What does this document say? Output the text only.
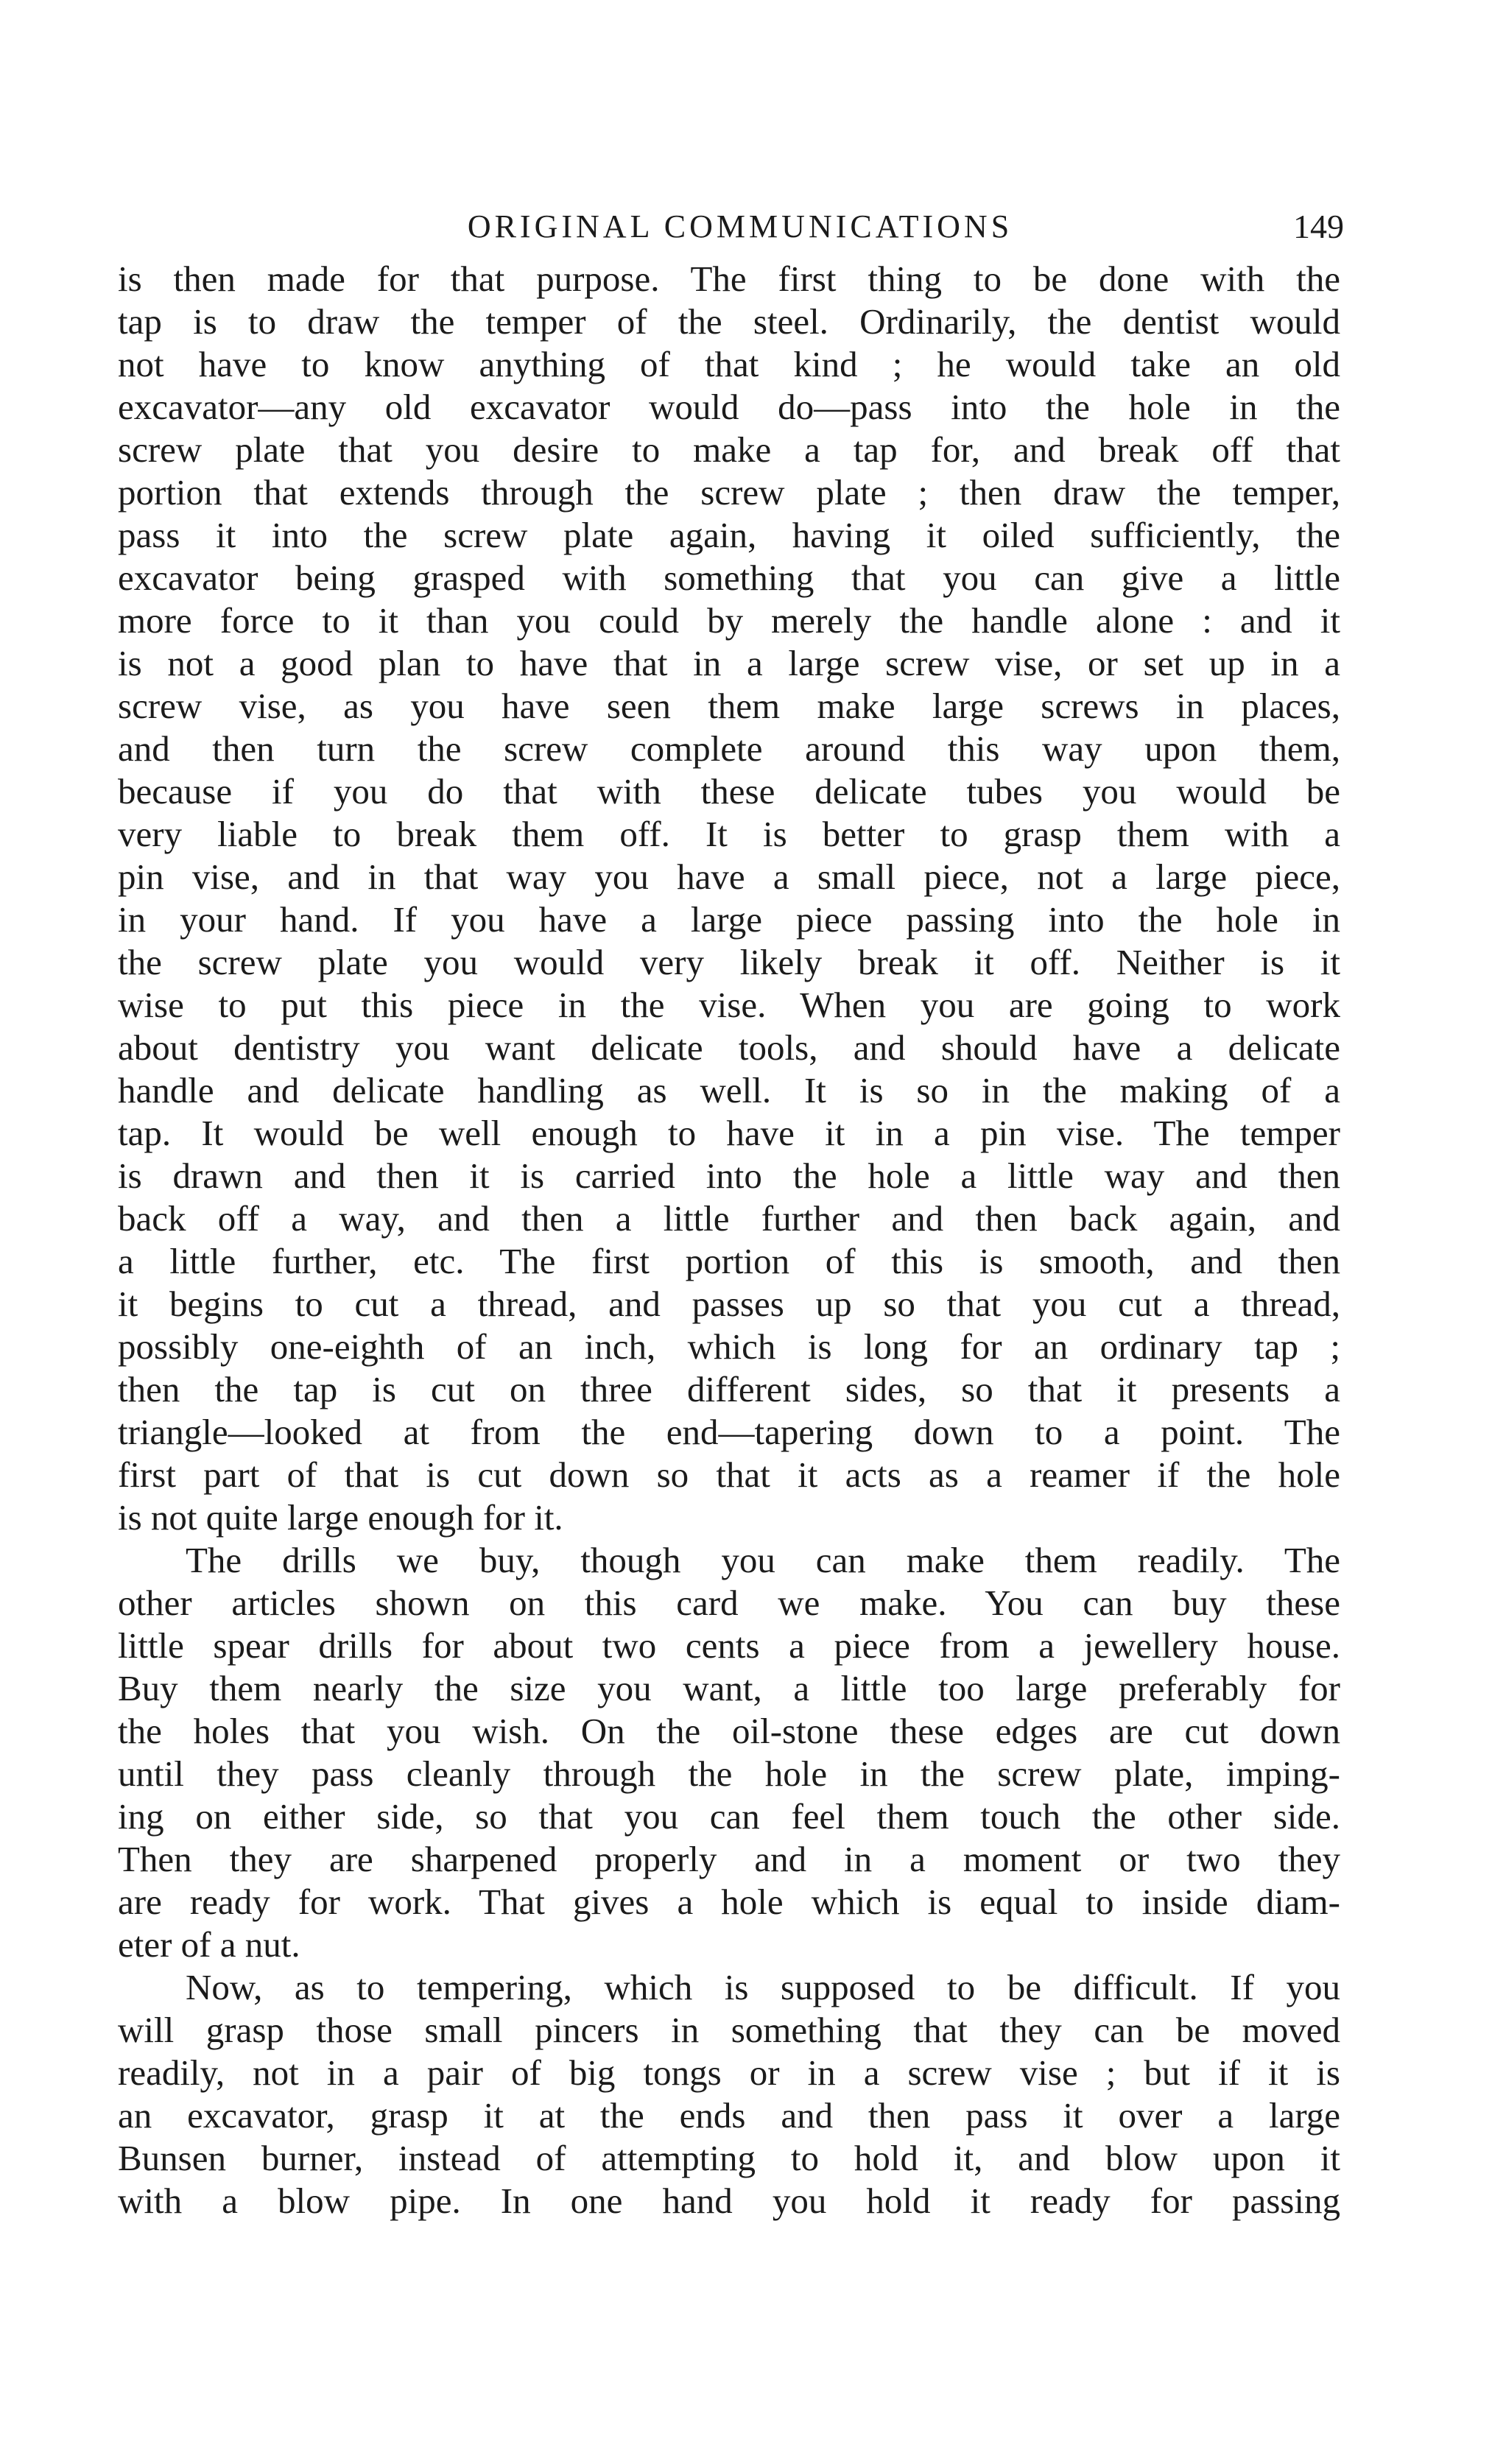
ORIGINAL COMMUNICATIONS	149
is then made for that purpose. The first thing to be done with the
tap is to draw the temper of the steel. Ordinarily, the dentist would
not have to know anything of that kind ; he would take an old
excavator—any old excavator would do—pass into the hole in the
screw plate that you desire to make a tap for, and break off that
portion that extends through the screw plate ; then draw the temper,
pass it into the screw plate again, having it oiled sufficiently, the
excavator being grasped with something that you can give a little
more force to it than you could by merely the handle alone : and it
is not a good plan to have that in a large screw vise, or set up in a
screw vise, as you have seen them make large screws in places,
and then turn the screw complete around this way upon them,
because if you do that with these delicate tubes you would be
very liable to break them off. It is better to grasp them with a
pin vise, and in that way you have a small piece, not a large piece,
in your hand. If you have a large piece passing into the hole in
the screw plate you would very likely break it off. Neither is it
wise to put this piece in the vise. When you are going to work
about dentistry you want delicate tools, and should have a delicate
handle and delicate handling as well. It is so in the making of a
tap. It would be well enough to have it in a pin vise. The temper
is drawn and then it is carried into the hole a little way and then
back off a way, and then a little further and then back again, and
a little further, etc. The first portion of this is smooth, and then
it begins to cut a thread, and passes up so that you cut a thread,
possibly one-eighth of an inch, which is long for an ordinary tap ;
then the tap is cut on three different sides, so that it presents a
triangle—looked at from the end—tapering down to a point. The
first part of that is cut down so that it acts as a reamer if the hole
is not quite large enough for it.
The drills we buy, though you can make them readily. The
other articles shown on this card we make. You can buy these
little spear drills for about two cents a piece from a jewellery house.
Buy them nearly the size you want, a little too large preferably for
the holes that you wish. On the oil-stone these edges are cut down
until they pass cleanly through the hole in the screw plate, imping-
ing on either side, so that you can feel them touch the other side.
Then they are sharpened properly and in a moment or two they
are ready for work. That gives a hole which is equal to inside diam-
eter of a nut.
Now, as to tempering, which is supposed to be difficult. If you
will grasp those small pincers in something that they can be moved
readily, not in a pair of big tongs or in a screw vise ; but if it is
an excavator, grasp it at the ends and then pass it over a large
Bunsen burner, instead of attempting to hold it, and blow upon it
with a blow pipe. In one hand you hold it ready for passing
